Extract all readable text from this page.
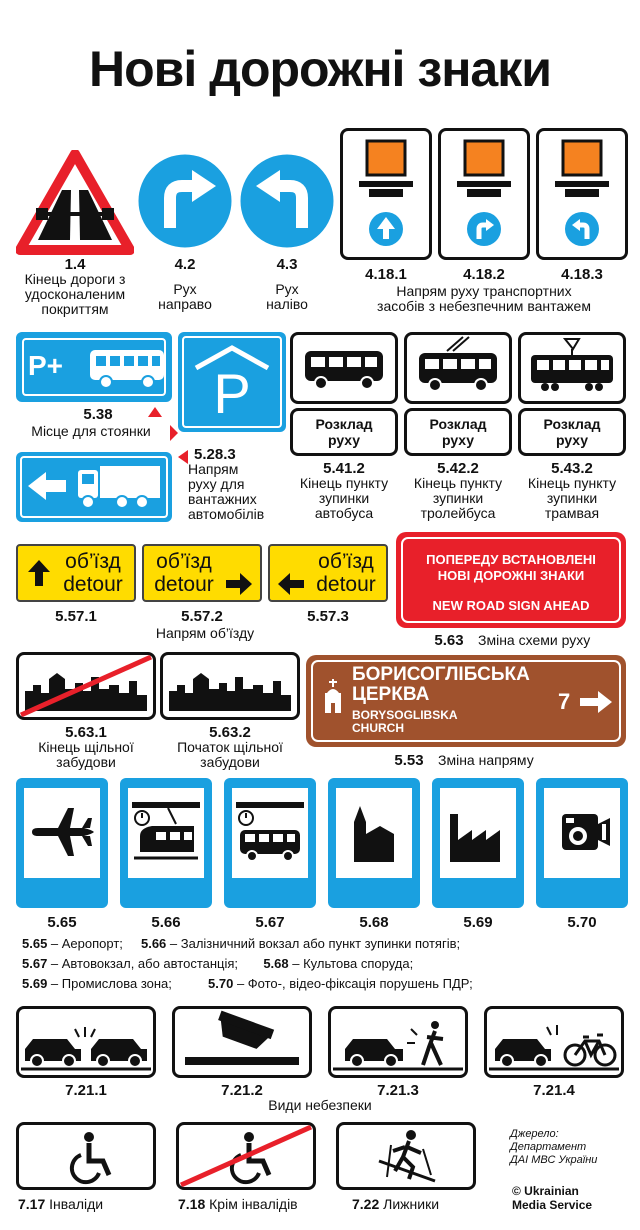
Нові дорожні знаки
1.4
Кінець дороги з
удосконаленим
покриттям
4.2
Рух
направо
4.3
Рух
наліво
4.18.1	4.18.2	4.18.3
Напрям руху транспортних
засобів з небезпечним вантажем
P+	P
5.38
Місце для стоянки
5.28.3
Напрям
руху для
вантажних
автомобілів
Розклад
руху
5.41.2
Кінець пункту
зупинки
автобуса
Розклад
руху
5.42.2
Кінець пункту
зупинки
тролейбуса
Розклад
руху
5.43.2
Кінець пункту
зупинки
трамвая
об’їзд
detour
об’їзд
detour
об’їзд
detour
5.57.1	5.57.2	5.57.3
Напрям об’їзду
ПОПЕРЕДУ ВСТАНОВЛЕНІ
НОВІ ДОРОЖНІ ЗНАКИ
NEW ROAD SIGN AHEAD
5.63	Зміна схеми руху
5.63.1
Кінець щільної
забудови
5.63.2
Початок щільної
забудови
БОРИСОГЛІБСЬКА
ЦЕРКВА
BORYSOGLIBSKA
CHURCH
7
5.53	Зміна напряму
5.65	5.66	5.67	5.68	5.69	5.70
5.65 – Аеропорт; 5.66 – Залізничний вокзал або пункт зупинки потягів;
5.67 – Автовокзал, або автостанція; 5.68 – Культова споруда;
5.69 – Промислова зона;	5.70 – Фото-, відео-фіксація порушень ПДР;
7.21.1	7.21.2	7.21.3	7.21.4
Види небезпеки
7.17 Інваліди	7.18 Крім інвалідів	7.22 Лижники
Джерело:
Департамент
ДАІ МВС України
© Ukrainian
Media Service
